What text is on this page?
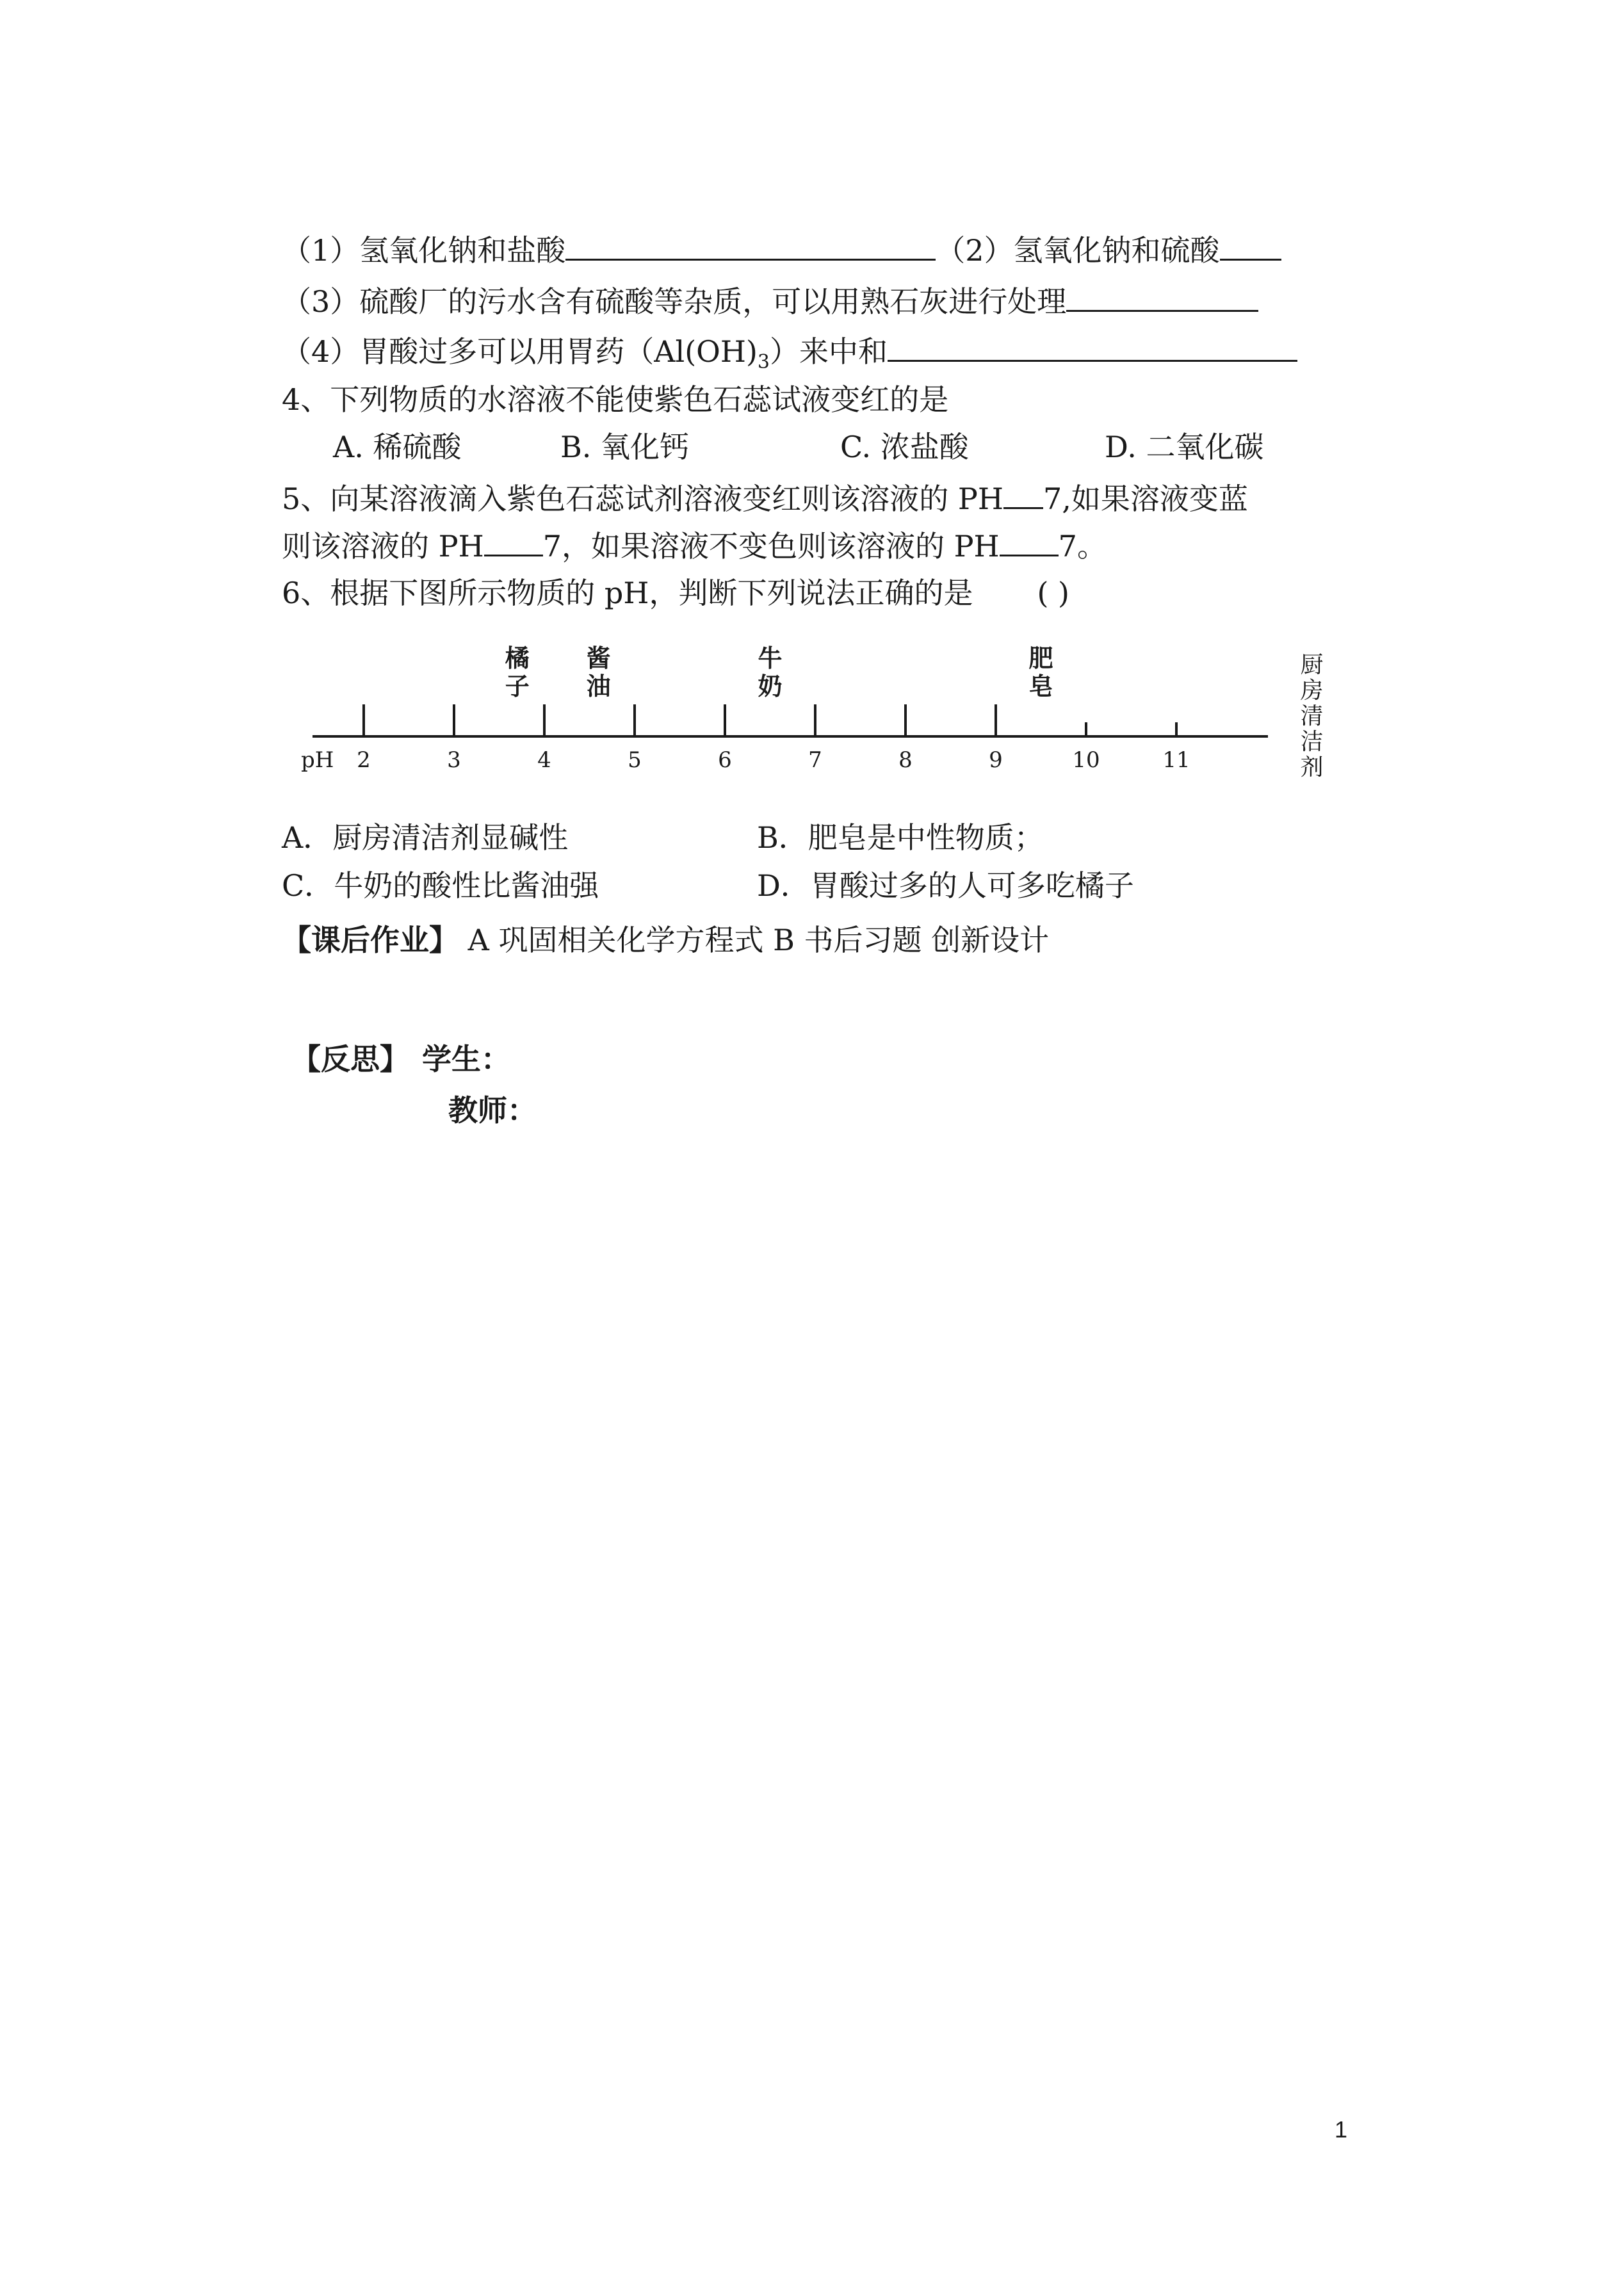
（1）氢氧化钠和盐酸	（2）氢氧化钠和硫酸
（3）硫酸厂的污水含有硫酸等杂质，可以用熟石灰进行处理
（4）胃酸过多可以用胃药$(Al(OH)_3)$来中和
4、下列物质的水溶液不能使紫色石蕊试液变红的是
A. 稀硫酸	B. 氧化钙	C. 浓盐酸	D. 二氧化碳
5、向某溶液滴入紫色石蕊试剂溶液变红则该溶液的 PH 7,如果溶液变蓝
则该溶液的 PH 7，如果溶液不变色则该溶液的 PH 7。
6、根据下图所示物质的 pH，判断下列说法正确的是 ( )
2	3	4	5	6	7	8	9	10	11
橘
子
酱
油
牛
奶
肥
皂
厨
房
清
洁
剂
pH
A．厨房清洁剂显碱性	B．肥皂是中性物质；
C．牛奶的酸性比酱油强	D．胃酸过多的人可多吃橘子
【课后作业】 A 巩固相关化学方程式 B 书后习题 创新设计
【反思】 学生：
教师：
1
